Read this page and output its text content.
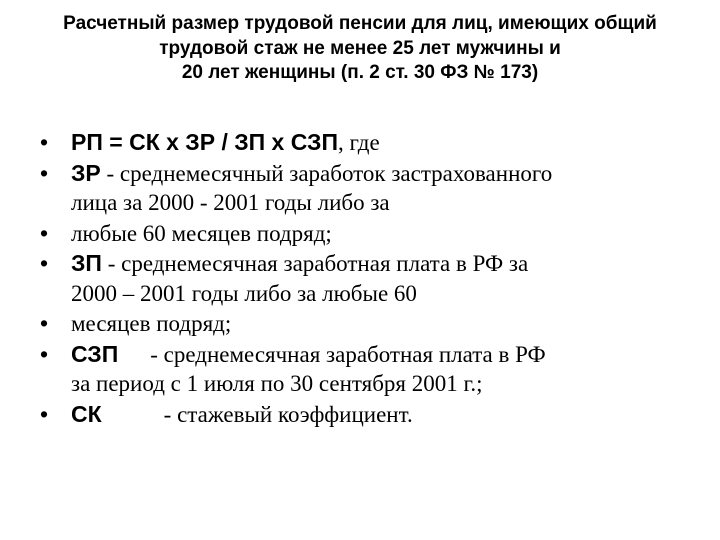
Расчетный размер трудовой пенсии для лиц, имеющих общий
трудовой стаж не менее 25 лет мужчины и
20 лет женщины (п. 2 ст. 30 ФЗ № 173)
• РП = СК х ЗР / ЗП х СЗП, где
• ЗР - среднемесячный заработок застрахованного
лица за 2000 - 2001 годы либо за
• любые 60 месяцев подряд;
• ЗП - среднемесячная заработная плата в РФ за
2000 – 2001 годы либо за любые 60
• месяцев подряд;
• СЗП - среднемесячная заработная плата в РФ
за период с 1 июля по 30 сентября 2001 г.;
• СК	- стажевый коэффициент.
